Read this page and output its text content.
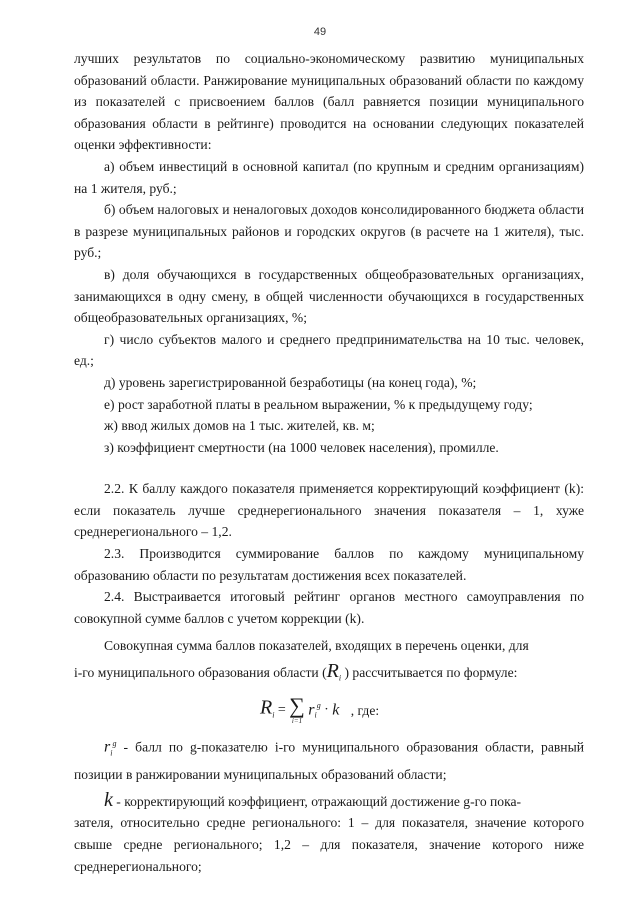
49

лучших результатов по социально-экономическому развитию муниципальных образований области. Ранжирование муниципальных образований области по каждому из показателей с присвоением баллов (балл равняется позиции муниципального образования области в рейтинге) проводится на основании следующих показателей оценки эффективности:

а) объем инвестиций в основной капитал (по крупным и средним организациям) на 1 жителя, руб.;

б) объем налоговых и неналоговых доходов консолидированного бюджета области в разрезе муниципальных районов и городских округов (в расчете на 1 жителя), тыс. руб.;

в) доля обучающихся в государственных общеобразовательных организациях, занимающихся в одну смену, в общей численности обучающихся в государственных общеобразовательных организациях, %;

г) число субъектов малого и среднего предпринимательства на 10 тыс. человек, ед.;

д) уровень зарегистрированной безработицы (на конец года), %;

е) рост заработной платы в реальном выражении, % к предыдущему году;

ж) ввод жилых домов на 1 тыс. жителей, кв. м;

з) коэффициент смертности (на 1000 человек населения), промилле.

2.2. К баллу каждого показателя применяется корректирующий коэффициент (k): если показатель лучше среднерегионального значения показателя – 1, хуже среднерегионального – 1,2.

2.3. Производится суммирование баллов по каждому муниципальному образованию области по результатам достижения всех показателей.

2.4. Выстраивается итоговый рейтинг органов местного самоуправления по совокупной сумме баллов с учетом коррекции (k).

Совокупная сумма баллов показателей, входящих в перечень оценки, для

i-го муниципального образования области ($R_i$ ) рассчитывается по формуле:

$R_i$ = ∑
i=1
$r_i^g \cdot k$ , где:

$r_i^g$ - балл по g-показателю i-го муниципального образования области, равный позиции в ранжировании муниципальных образований области;

k - корректирующий коэффициент, отражающий достижение g-го пока-

зателя, относительно средне регионального: 1 – для показателя, значение которого свыше средне регионального; 1,2 – для показателя, значение которого ниже среднерегионального;
